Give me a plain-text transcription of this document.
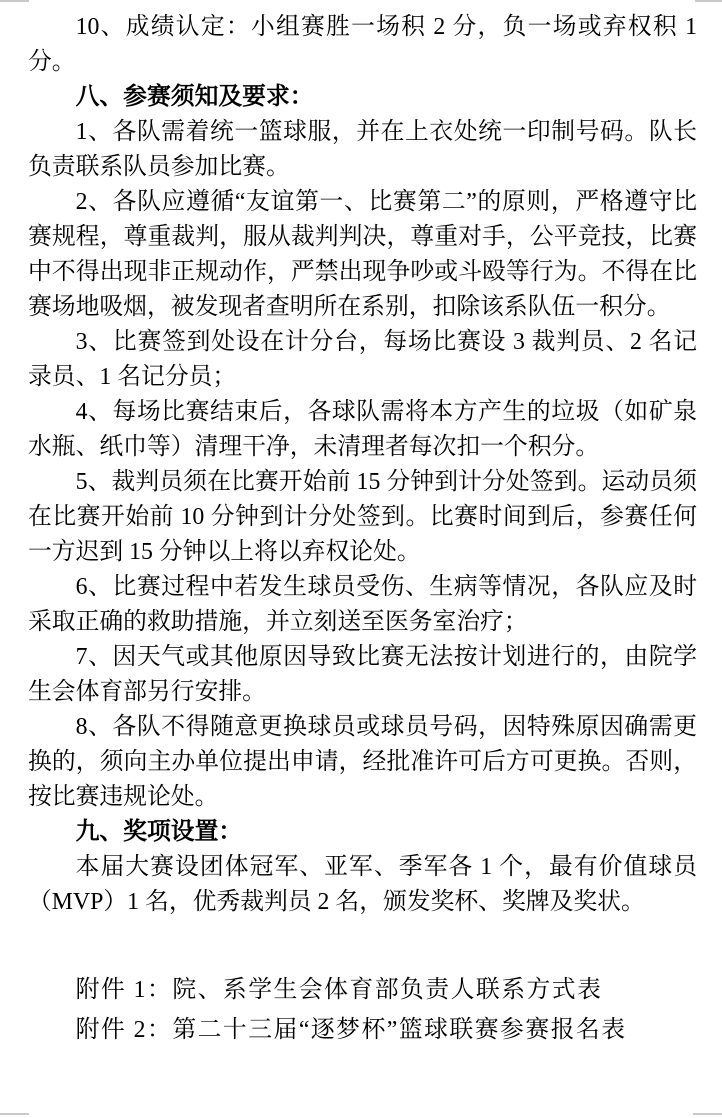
10、成绩认定：小组赛胜一场积 2 分，负一场或弃权积 1 分。

八、参赛须知及要求：

1、各队需着统一篮球服，并在上衣处统一印制号码。队长负责联系队员参加比赛。

2、各队应遵循“友谊第一、比赛第二”的原则，严格遵守比赛规程，尊重裁判，服从裁判判决，尊重对手，公平竞技，比赛中不得出现非正规动作，严禁出现争吵或斗殴等行为。不得在比赛场地吸烟，被发现者查明所在系别，扣除该系队伍一积分。

3、比赛签到处设在计分台，每场比赛设 3 裁判员、2 名记录员、1 名记分员；

4、每场比赛结束后，各球队需将本方产生的垃圾（如矿泉水瓶、纸巾等）清理干净，未清理者每次扣一个积分。

5、裁判员须在比赛开始前 15 分钟到计分处签到。运动员须在比赛开始前 10 分钟到计分处签到。比赛时间到后，参赛任何一方迟到 15 分钟以上将以弃权论处。

6、比赛过程中若发生球员受伤、生病等情况，各队应及时采取正确的救助措施，并立刻送至医务室治疗；

7、因天气或其他原因导致比赛无法按计划进行的，由院学生会体育部另行安排。

8、各队不得随意更换球员或球员号码，因特殊原因确需更换的，须向主办单位提出申请，经批准许可后方可更换。否则，按比赛违规论处。

九、奖项设置：

本届大赛设团体冠军、亚军、季军各 1 个，最有价值球员（MVP）1 名，优秀裁判员 2 名，颁发奖杯、奖牌及奖状。

附件 1：院、系学生会体育部负责人联系方式表

附件 2：第二十三届“逐梦杯”篮球联赛参赛报名表
